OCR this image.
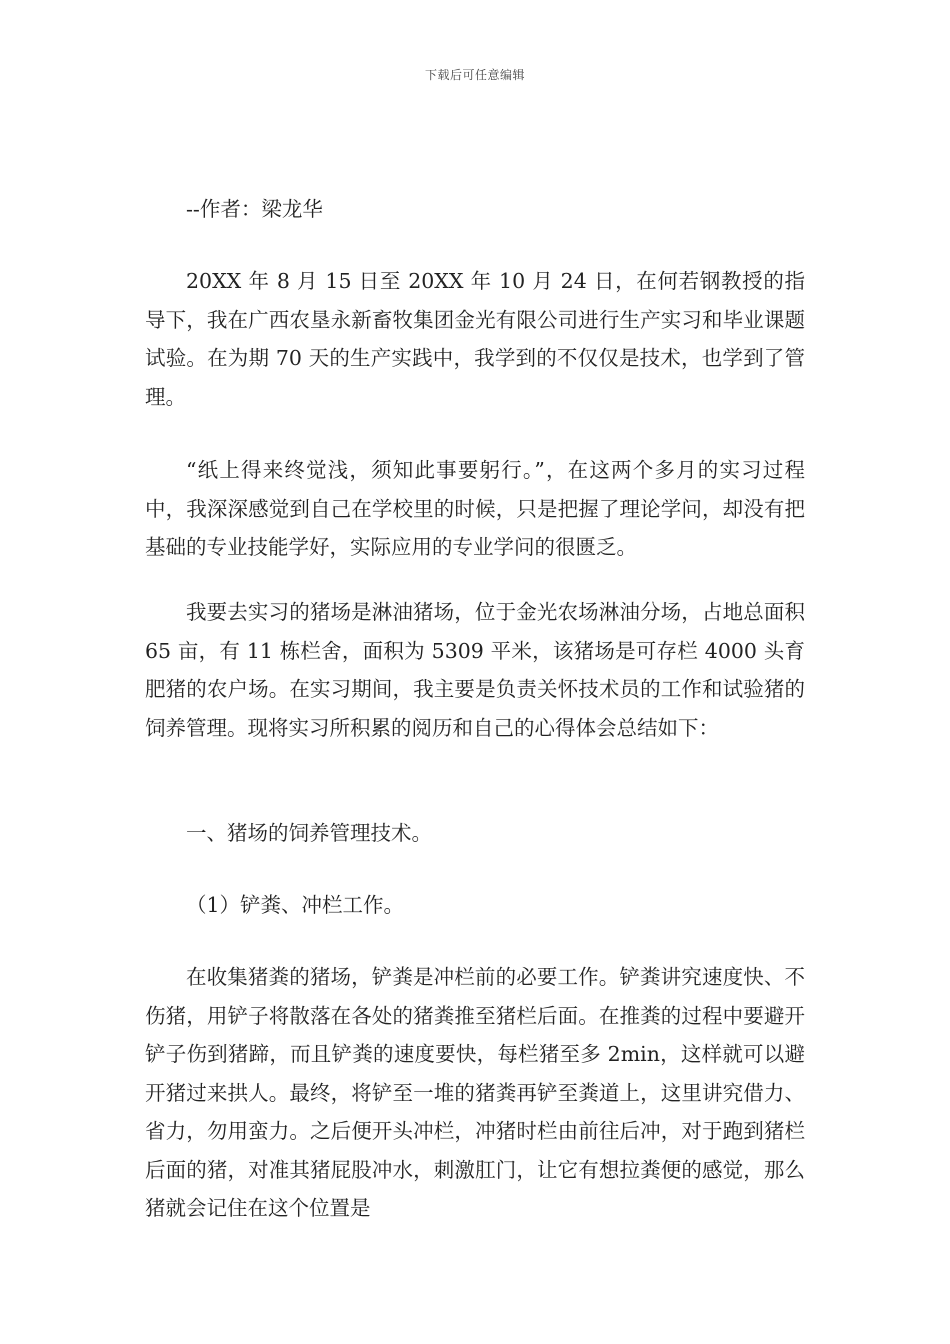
下载后可任意编辑

--作者：梁龙华

20XX 年 8 月 15 日至 20XX 年 10 月 24 日，在何若钢教授的指导下，我在广西农垦永新畜牧集团金光有限公司进行生产实习和毕业课题试验。在为期 70 天的生产实践中，我学到的不仅仅是技术，也学到了管理。

“纸上得来终觉浅，须知此事要躬行。”，在这两个多月的实习过程中，我深深感觉到自己在学校里的时候，只是把握了理论学问，却没有把基础的专业技能学好，实际应用的专业学问的很匮乏。

我要去实习的猪场是淋油猪场，位于金光农场淋油分场，占地总面积 65 亩，有 11 栋栏舍，面积为 5309 平米，该猪场是可存栏 4000 头育肥猪的农户场。在实习期间，我主要是负责关怀技术员的工作和试验猪的饲养管理。现将实习所积累的阅历和自己的心得体会总结如下：

一、猪场的饲养管理技术。

（1）铲粪、冲栏工作。

在收集猪粪的猪场，铲粪是冲栏前的必要工作。铲粪讲究速度快、不伤猪，用铲子将散落在各处的猪粪推至猪栏后面。在推粪的过程中要避开铲子伤到猪蹄，而且铲粪的速度要快，每栏猪至多 2min，这样就可以避开猪过来拱人。最终，将铲至一堆的猪粪再铲至粪道上，这里讲究借力、省力，勿用蛮力。之后便开头冲栏，冲猪时栏由前往后冲，对于跑到猪栏后面的猪，对准其猪屁股冲水，刺激肛门，让它有想拉粪便的感觉，那么猪就会记住在这个位置是
